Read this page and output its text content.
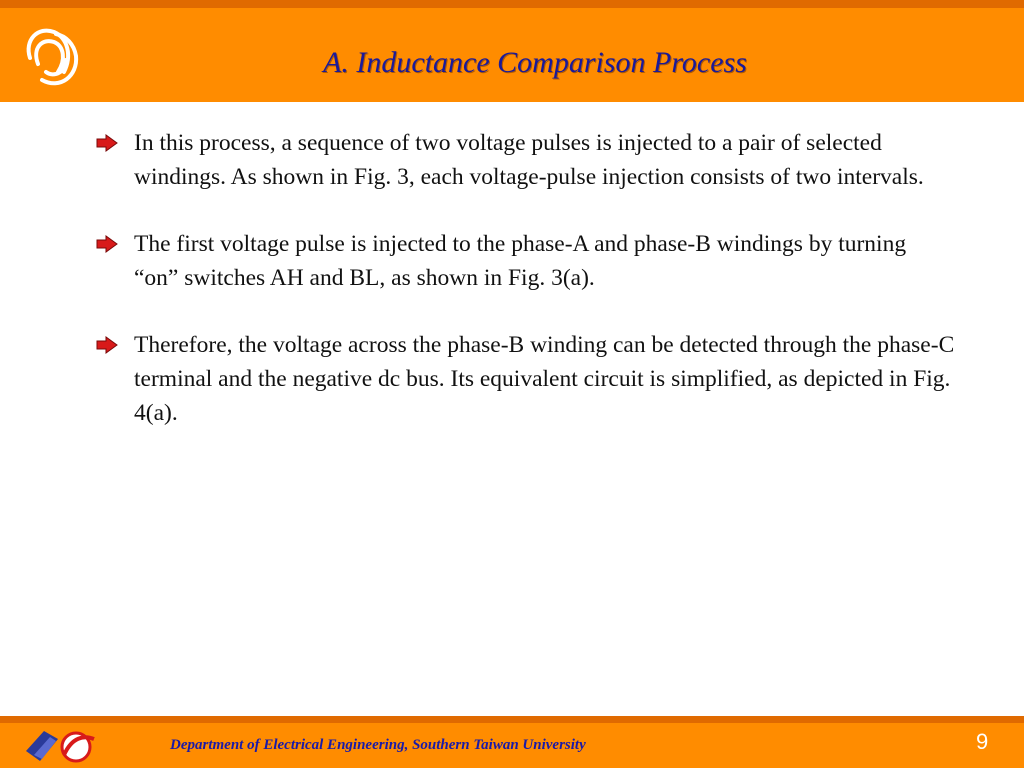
A. Inductance Comparison Process
In this process, a sequence of two voltage pulses is injected to a pair of selected windings. As shown in Fig. 3, each voltage-pulse injection consists of two intervals.
The first voltage pulse is injected to the phase-A and phase-B windings by turning “on” switches AH and BL, as shown in Fig. 3(a).
Therefore, the voltage across the phase-B winding can be detected through the phase-C terminal and the negative dc bus. Its equivalent circuit is simplified, as depicted in Fig. 4(a).
Department of Electrical Engineering, Southern Taiwan University	9
